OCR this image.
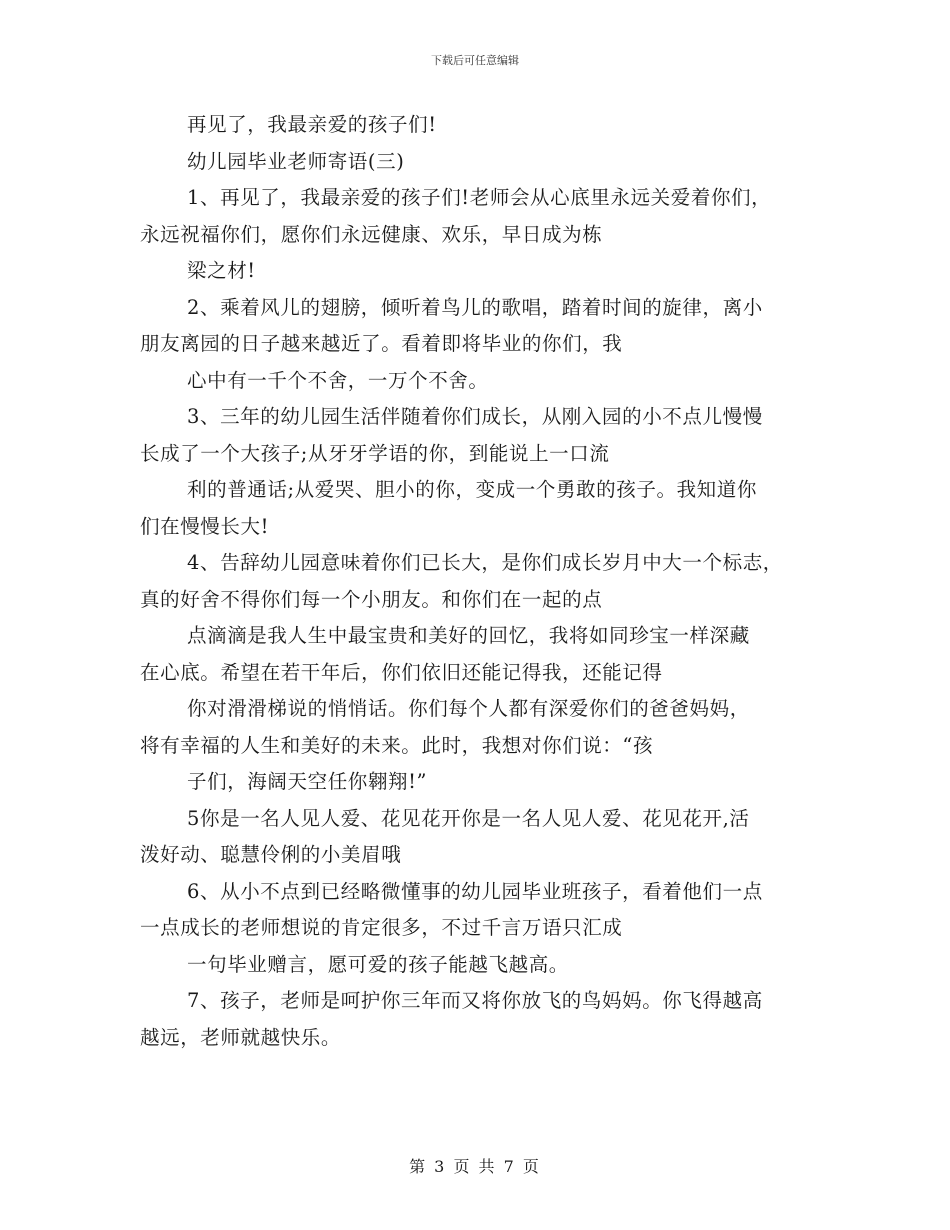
下载后可任意编辑
再见了，我最亲爱的孩子们!
幼儿园毕业老师寄语(三)
1、再见了，我最亲爱的孩子们!老师会从心底里永远关爱着你们，
永远祝福你们，愿你们永远健康、欢乐，早日成为栋
梁之材!
2、乘着风儿的翅膀，倾听着鸟儿的歌唱，踏着时间的旋律，离小
朋友离园的日子越来越近了。看着即将毕业的你们，我
心中有一千个不舍，一万个不舍。
3、三年的幼儿园生活伴随着你们成长，从刚入园的小不点儿慢慢
长成了一个大孩子;从牙牙学语的你，到能说上一口流
利的普通话;从爱哭、胆小的你，变成一个勇敢的孩子。我知道你
们在慢慢长大!
4、告辞幼儿园意味着你们已长大，是你们成长岁月中大一个标志，
真的好舍不得你们每一个小朋友。和你们在一起的点
点滴滴是我人生中最宝贵和美好的回忆，我将如同珍宝一样深藏
在心底。希望在若干年后，你们依旧还能记得我，还能记得
你对滑滑梯说的悄悄话。你们每个人都有深爱你们的爸爸妈妈，
将有幸福的人生和美好的未来。此时，我想对你们说：“孩
子们，海阔天空任你翱翔!”
5你是一名人见人爱、花见花开你是一名人见人爱、花见花开,活
泼好动、聪慧伶俐的小美眉哦
6、从小不点到已经略微懂事的幼儿园毕业班孩子，看着他们一点
一点成长的老师想说的肯定很多，不过千言万语只汇成
一句毕业赠言，愿可爱的孩子能越飞越高。
7、孩子，老师是呵护你三年而又将你放飞的鸟妈妈。你飞得越高
越远，老师就越快乐。
第 3 页 共 7 页
